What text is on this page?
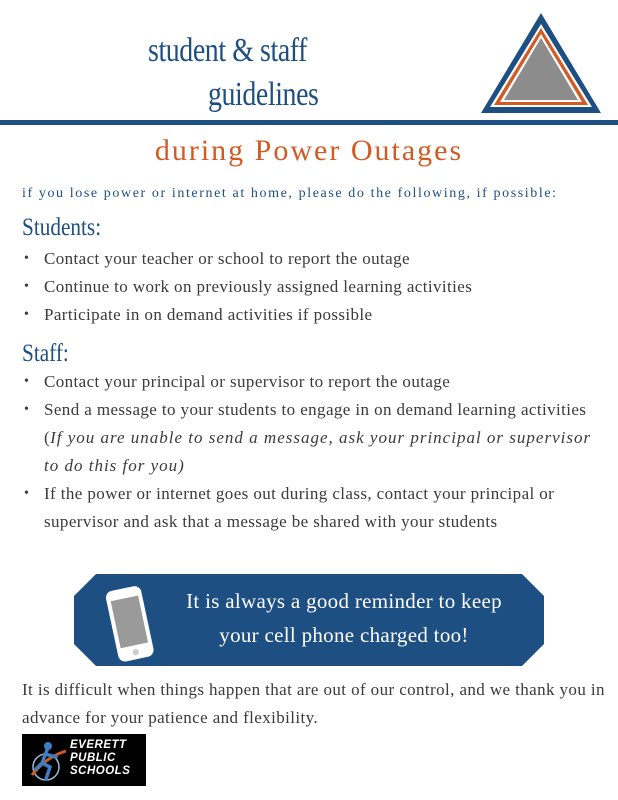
student & staff
guidelines
during Power Outages
if you lose power or internet at home, please do the following, if possible:
Students:
• Contact your teacher or school to report the outage
• Continue to work on previously assigned learning activities
• Participate in on demand activities if possible
Staff:
• Contact your principal or supervisor to report the outage
• Send a message to your students to engage in on demand learning activities (If you are unable to send a message, ask your principal or supervisor to do this for you)
• If the power or internet goes out during class, contact your principal or supervisor and ask that a message be shared with your students
It is always a good reminder to keep
your cell phone charged too!
It is difficult when things happen that are out of our control, and we thank you in advance for your patience and flexibility.
EVERETT
PUBLIC
SCHOOLS
